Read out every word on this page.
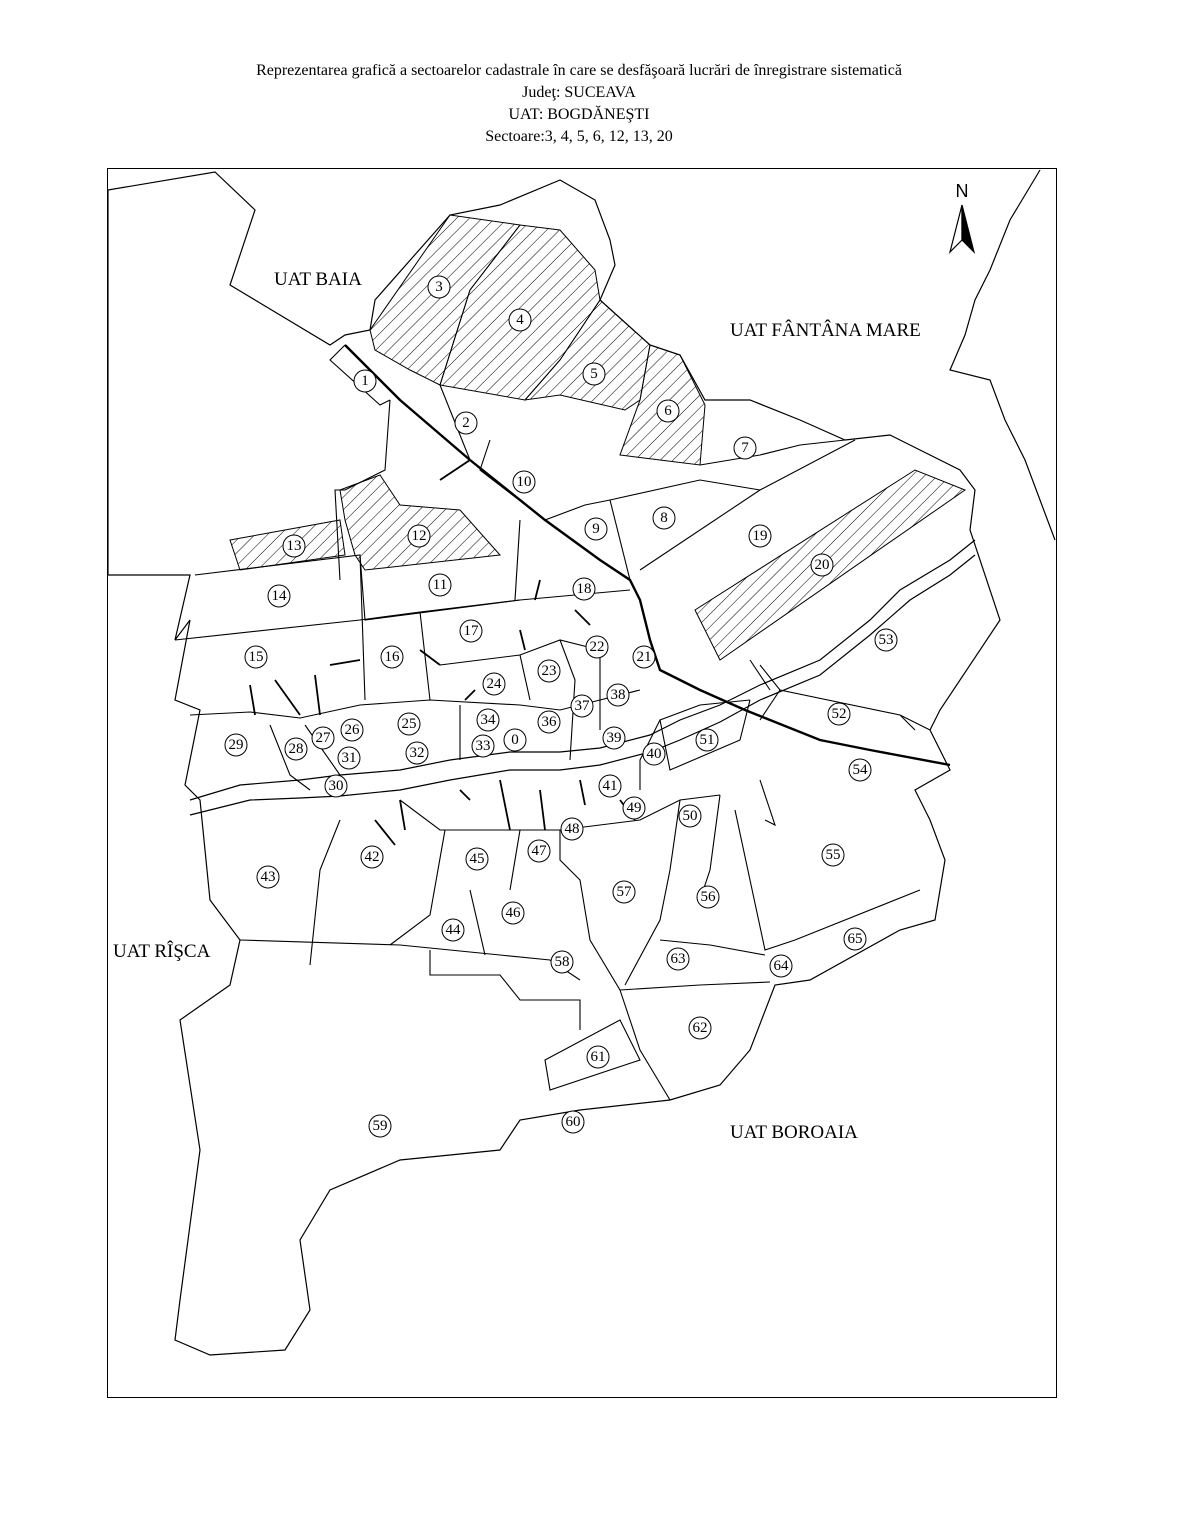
Reprezentarea grafică a sectoarelor cadastrale în care se desfăşoară lucrări de înregistrare sistematică
Judeţ: SUCEAVA
UAT: BOGDĂNEŞTI
Sectoare:3, 4, 5, 6, 12, 13, 20
0
1
2
3
4
5
6
7
8
9
10
11
12
13
14
15	16
17
18
19
20
21
22
23
24
25
26
27
28
29
30
31	32	33
34	36
37
38
39
40
41
42
43
44
45
46
47
48
49	50
51
52
53
54
55
56
57
58
59	60
61
62
63	64
65
UAT BAIA
UAT FÂNTÂNA MARE
UAT RÎŞCA
UAT BOROAIA
N
